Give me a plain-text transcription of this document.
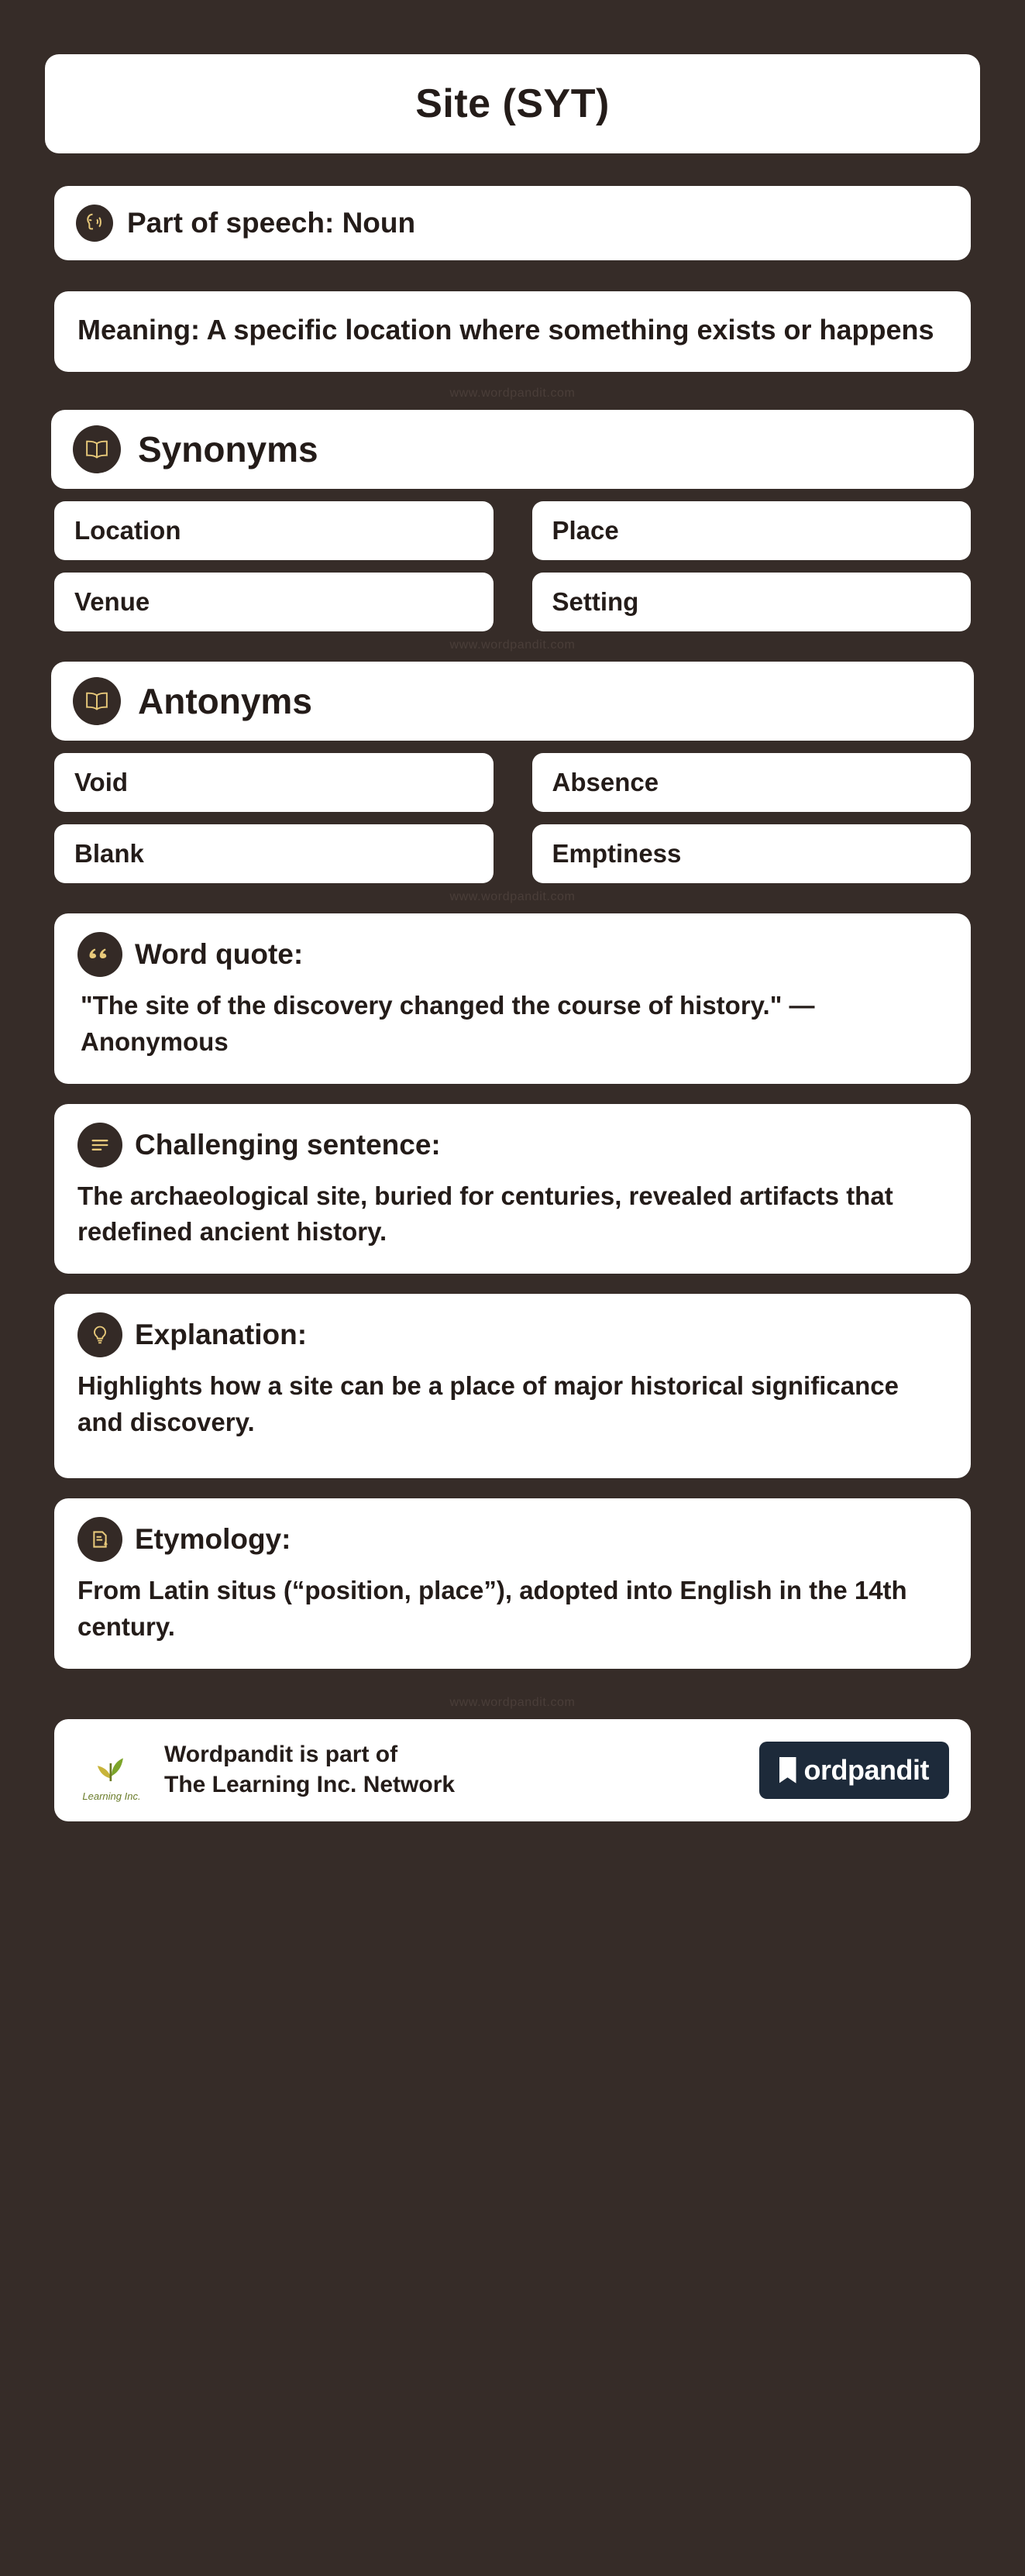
Site (SYT)
Part of speech: Noun
Meaning: A specific location where something exists or happens
www.wordpandit.com
Synonyms
Location	Place
Venue	Setting
www.wordpandit.com
Antonyms
Void	Absence
Blank	Emptiness
www.wordpandit.com
Word quote:
"The site of the discovery changed the course of history." — Anonymous
Challenging sentence:
The archaeological site, buried for centuries, revealed artifacts that redefined ancient history.
Explanation:
Highlights how a site can be a place of major historical significance and discovery.
Etymology:
From Latin situs (“position, place”), adopted into English in the 14th century.
www.wordpandit.com
Learning Inc.
Wordpandit is part of
The Learning Inc. Network	ordpandit
